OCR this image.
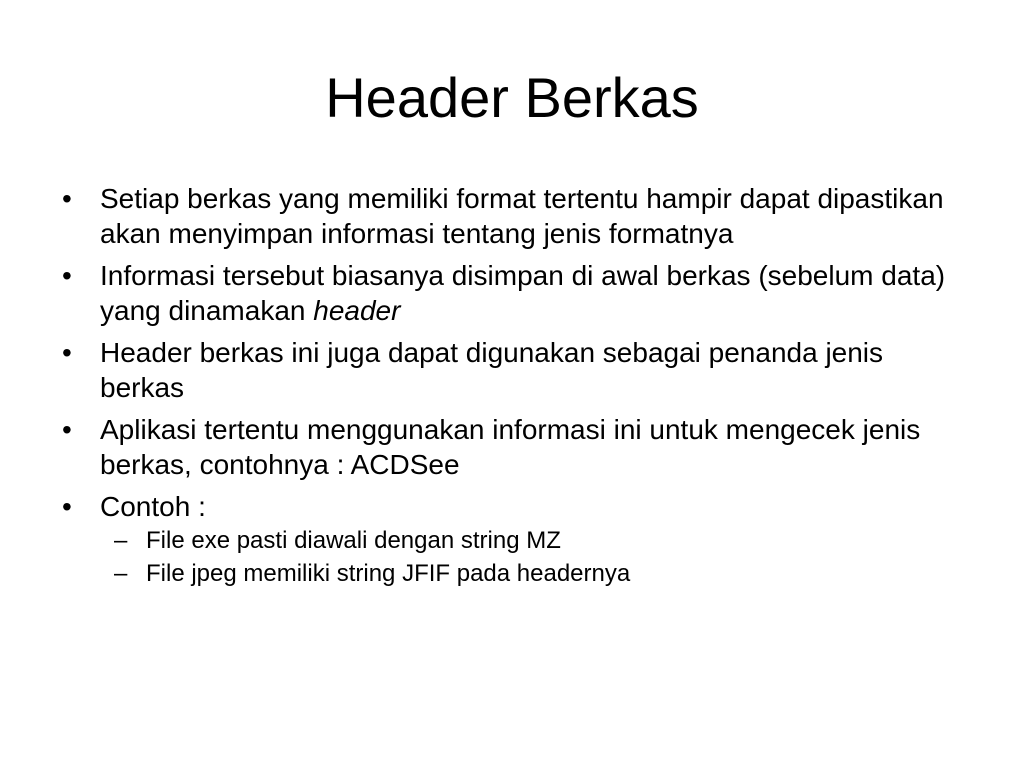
Header Berkas
•	Setiap berkas yang memiliki format tertentu hampir dapat dipastikan akan menyimpan informasi tentang jenis formatnya
•	Informasi tersebut biasanya disimpan di awal berkas (sebelum data) yang dinamakan header
•	Header berkas ini juga dapat digunakan sebagai penanda jenis berkas
•	Aplikasi tertentu menggunakan informasi ini untuk mengecek jenis berkas, contohnya : ACDSee
•	Contoh :
– File exe pasti diawali dengan string MZ
– File jpeg memiliki string JFIF pada headernya
